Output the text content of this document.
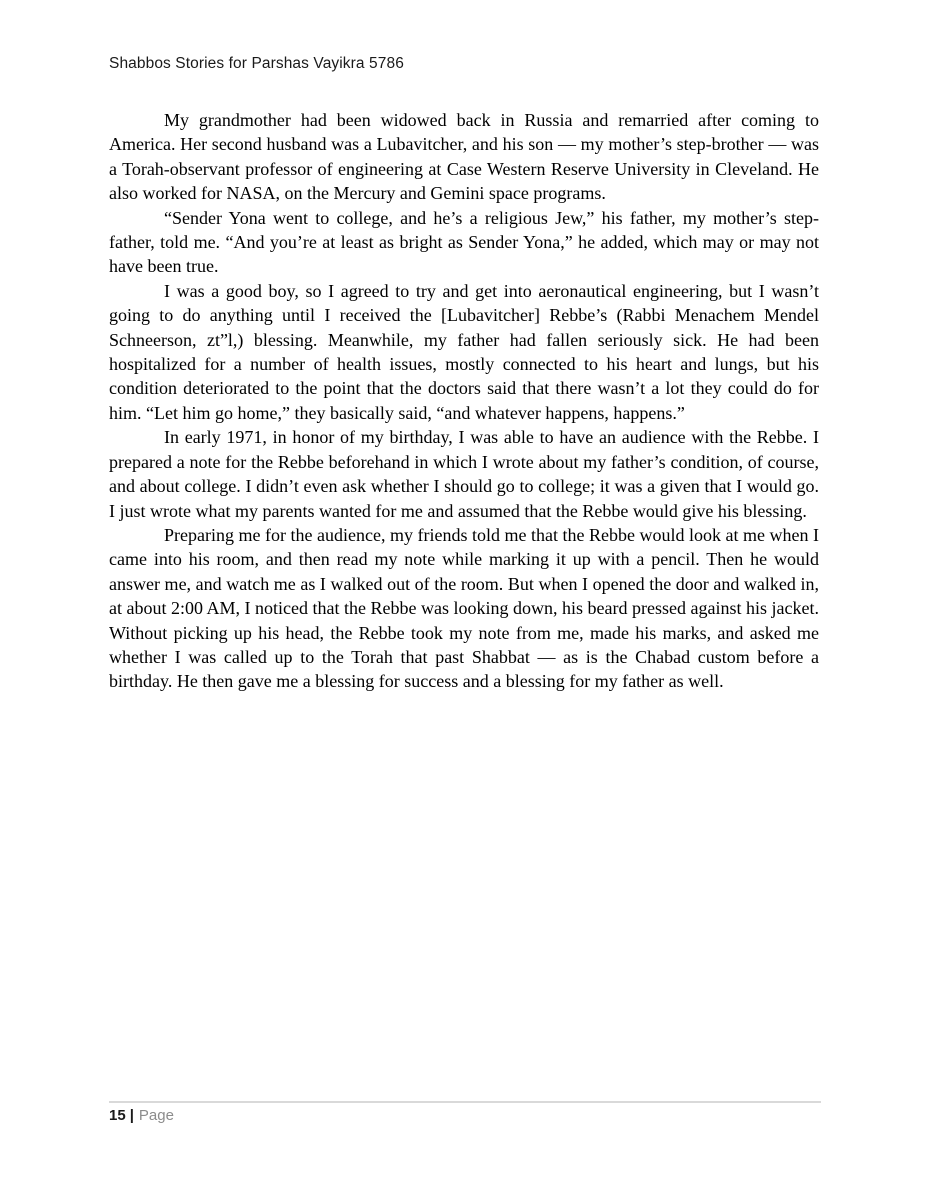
Shabbos Stories for Parshas Vayikra 5786

My grandmother had been widowed back in Russia and remarried after coming to America. Her second husband was a Lubavitcher, and his son — my mother’s step-brother — was a Torah-observant professor of engineering at Case Western Reserve University in Cleveland. He also worked for NASA, on the Mercury and Gemini space programs.

“Sender Yona went to college, and he’s a religious Jew,” his father, my mother’s step-father, told me. “And you’re at least as bright as Sender Yona,” he added, which may or may not have been true.

I was a good boy, so I agreed to try and get into aeronautical engineering, but I wasn’t going to do anything until I received the [Lubavitcher] Rebbe’s (Rabbi Menachem Mendel Schneerson, zt”l,) blessing. Meanwhile, my father had fallen seriously sick. He had been hospitalized for a number of health issues, mostly connected to his heart and lungs, but his condition deteriorated to the point that the doctors said that there wasn’t a lot they could do for him. “Let him go home,” they basically said, “and whatever happens, happens.”

In early 1971, in honor of my birthday, I was able to have an audience with the Rebbe. I prepared a note for the Rebbe beforehand in which I wrote about my father’s condition, of course, and about college. I didn’t even ask whether I should go to college; it was a given that I would go. I just wrote what my parents wanted for me and assumed that the Rebbe would give his blessing.

Preparing me for the audience, my friends told me that the Rebbe would look at me when I came into his room, and then read my note while marking it up with a pencil. Then he would answer me, and watch me as I walked out of the room. But when I opened the door and walked in, at about 2:00 AM, I noticed that the Rebbe was looking down, his beard pressed against his jacket. Without picking up his head, the Rebbe took my note from me, made his marks, and asked me whether I was called up to the Torah that past Shabbat — as is the Chabad custom before a birthday. He then gave me a blessing for success and a blessing for my father as well.

15 | Page
